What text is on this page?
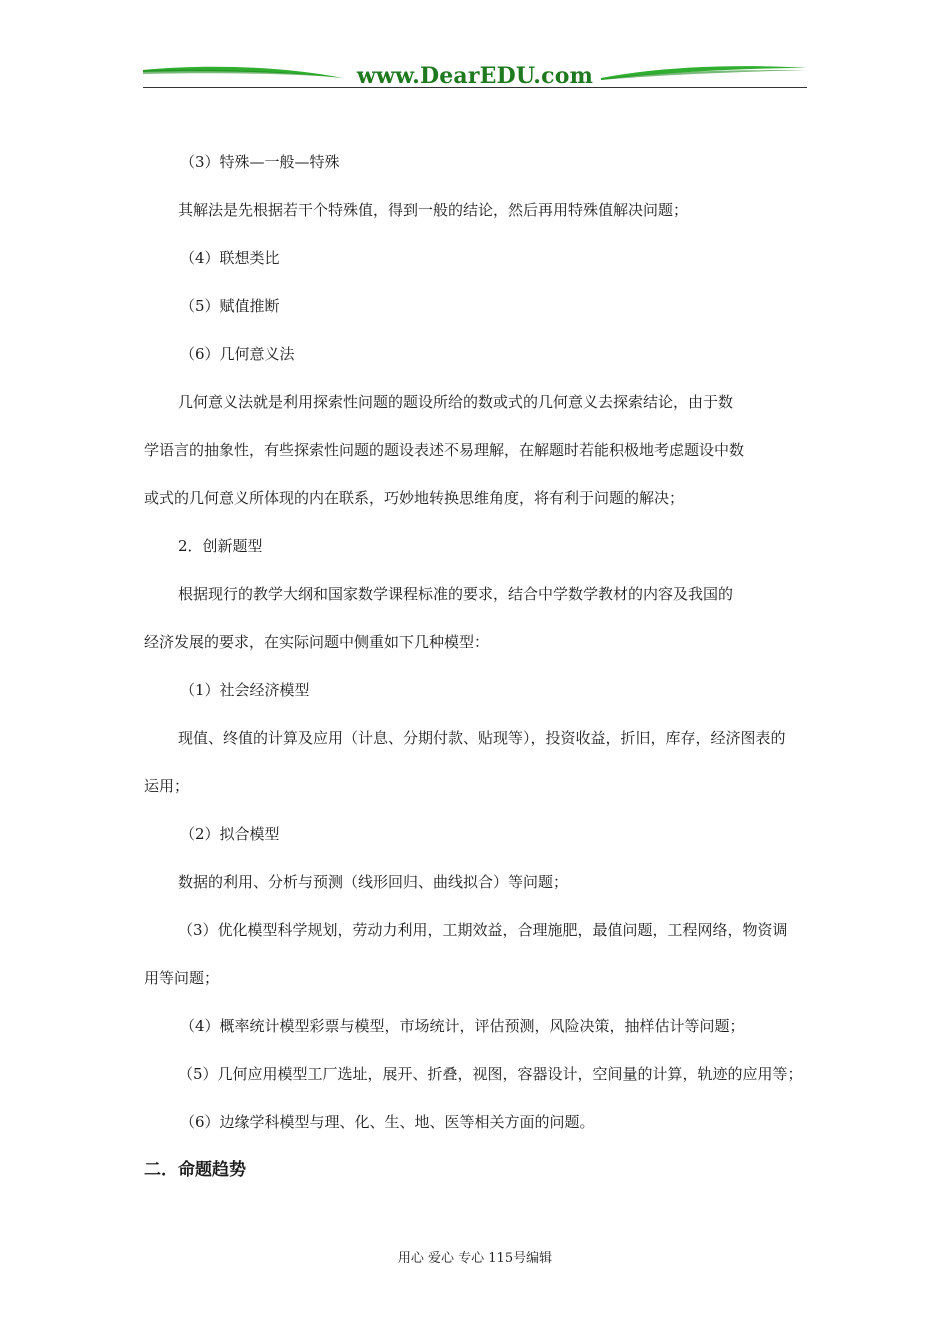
www.DearEDU.com

（3）特殊—一般—特殊

其解法是先根据若干个特殊值，得到一般的结论，然后再用特殊值解决问题；

（4）联想类比

（5）赋值推断

（6）几何意义法

几何意义法就是利用探索性问题的题设所给的数或式的几何意义去探索结论，由于数

学语言的抽象性，有些探索性问题的题设表述不易理解，在解题时若能积极地考虑题设中数

或式的几何意义所体现的内在联系，巧妙地转换思维角度，将有利于问题的解决；

2．创新题型

根据现行的教学大纲和国家数学课程标准的要求，结合中学数学教材的内容及我国的

经济发展的要求，在实际问题中侧重如下几种模型：

（1）社会经济模型

现值、终值的计算及应用（计息、分期付款、贴现等），投资收益，折旧，库存，经济图表的

运用；

（2）拟合模型

数据的利用、分析与预测（线形回归、曲线拟合）等问题；

（3）优化模型科学规划，劳动力利用，工期效益，合理施肥，最值问题，工程网络，物资调

用等问题；

（4）概率统计模型彩票与模型，市场统计，评估预测，风险决策，抽样估计等问题；

（5）几何应用模型工厂选址，展开、折叠，视图，容器设计，空间量的计算，轨迹的应用等；

（6）边缘学科模型与理、化、生、地、医等相关方面的问题。

二．命题趋势
用心 爱心 专心 115号编辑
